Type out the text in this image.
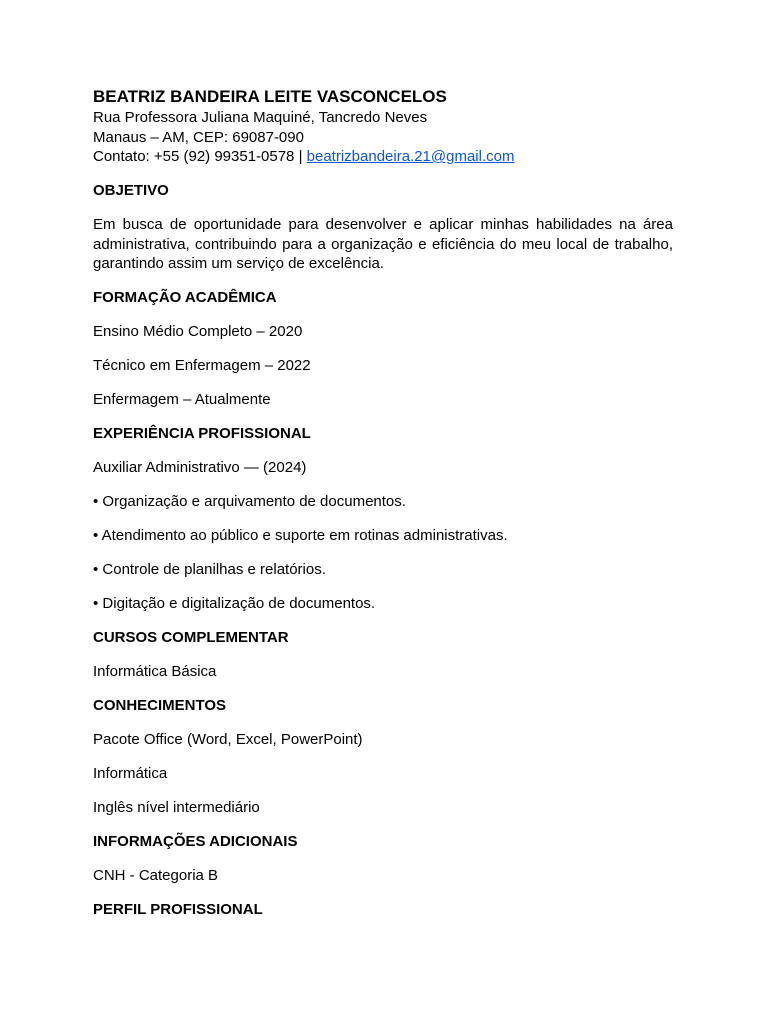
BEATRIZ BANDEIRA LEITE VASCONCELOS

Rua Professora Juliana Maquiné, Tancredo Neves

Manaus – AM, CEP: 69087-090

Contato: +55 (92) 99351-0578 | beatrizbandeira.21@gmail.com

OBJETIVO

Em busca de oportunidade para desenvolver e aplicar minhas habilidades na área administrativa, contribuindo para a organização e eficiência do meu local de trabalho, garantindo assim um serviço de excelência.

FORMAÇÃO ACADÊMICA

Ensino Médio Completo – 2020

Técnico em Enfermagem – 2022

Enfermagem – Atualmente

EXPERIÊNCIA PROFISSIONAL

Auxiliar Administrativo — (2024)

• Organização e arquivamento de documentos.

• Atendimento ao público e suporte em rotinas administrativas.

• Controle de planilhas e relatórios.

• Digitação e digitalização de documentos.

CURSOS COMPLEMENTAR

Informática Básica

CONHECIMENTOS

Pacote Office (Word, Excel, PowerPoint)

Informática

Inglês nível intermediário

INFORMAÇÕES ADICIONAIS

CNH - Categoria B

PERFIL PROFISSIONAL
